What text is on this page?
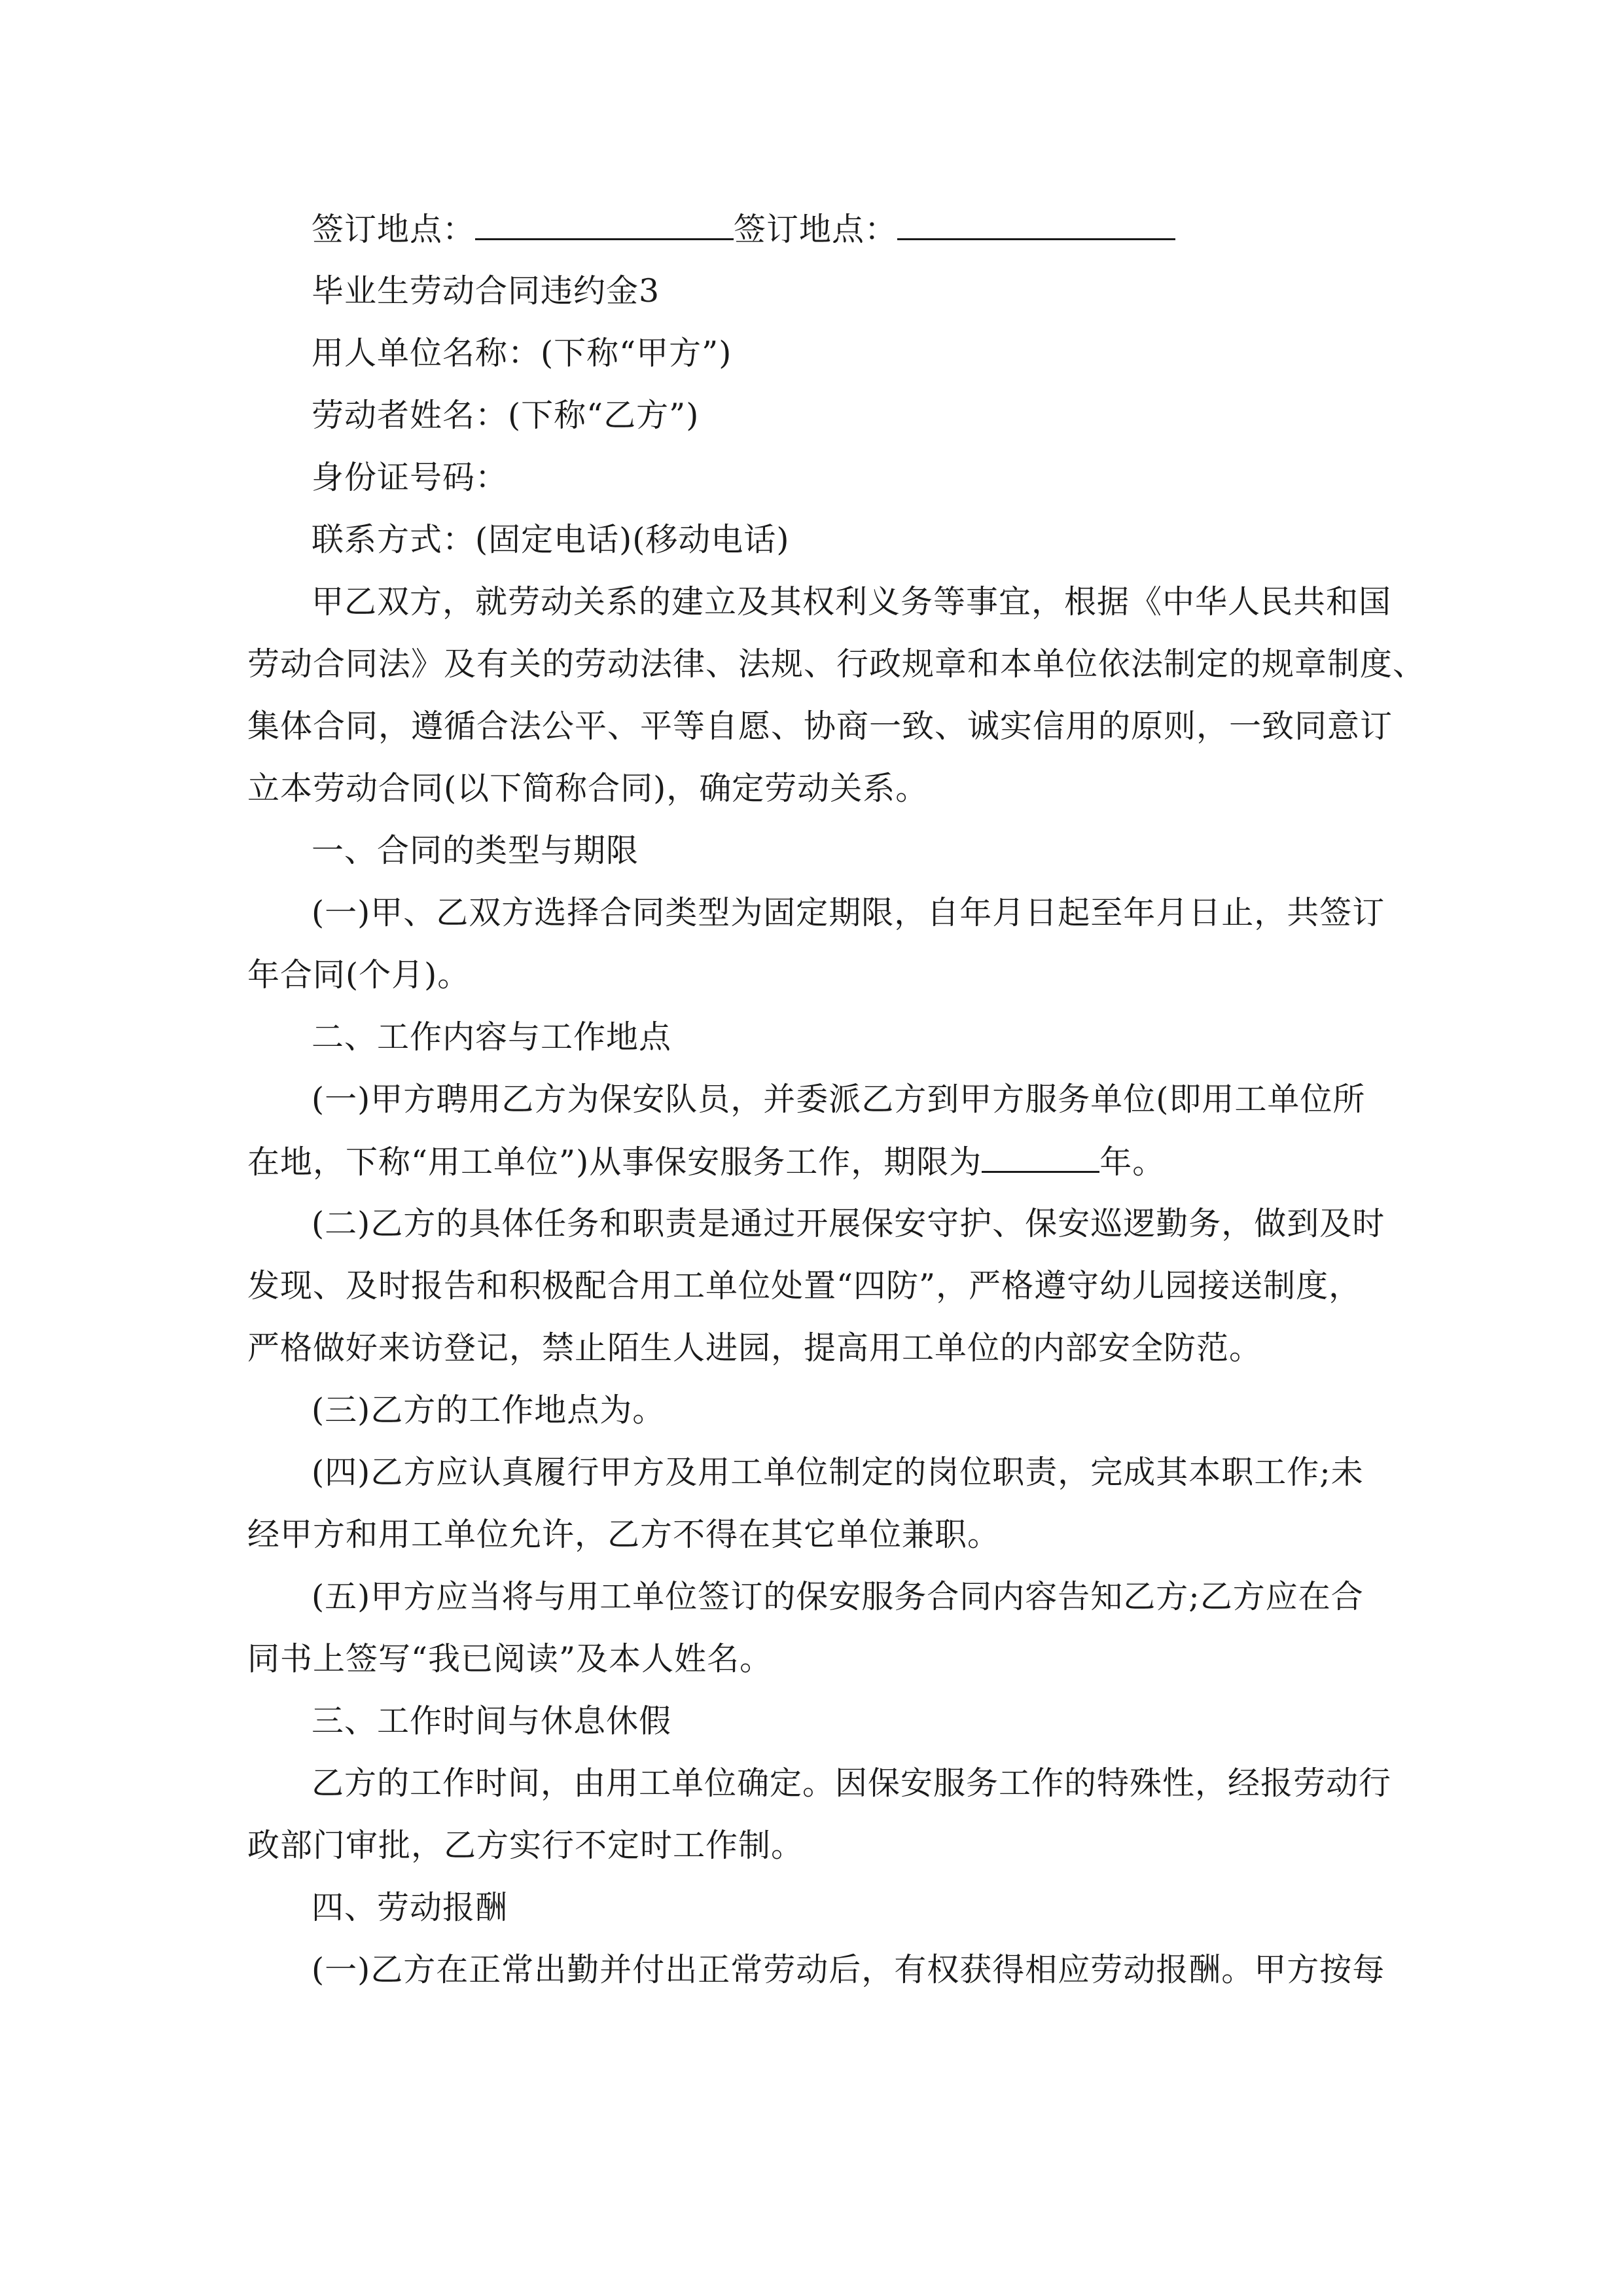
签订地点：	签订地点：
毕业生劳动合同违约金3
用人单位名称：(下称“甲方”)
劳动者姓名：(下称“乙方”)
身份证号码：
联系方式：(固定电话)(移动电话)
甲乙双方，就劳动关系的建立及其权利义务等事宜，根据《中华人民共和国
劳动合同法》及有关的劳动法律、法规、行政规章和本单位依法制定的规章制度、
集体合同，遵循合法公平、平等自愿、协商一致、诚实信用的原则，一致同意订
立本劳动合同(以下简称合同)，确定劳动关系。
一、合同的类型与期限
(一)甲、乙双方选择合同类型为固定期限，自年月日起至年月日止，共签订
年合同(个月)。
二、工作内容与工作地点
(一)甲方聘用乙方为保安队员，并委派乙方到甲方服务单位(即用工单位所
在地，下称“用工单位”)从事保安服务工作，期限为	年。
(二)乙方的具体任务和职责是通过开展保安守护、保安巡逻勤务，做到及时
发现、及时报告和积极配合用工单位处置“四防”，严格遵守幼儿园接送制度，
严格做好来访登记，禁止陌生人进园，提高用工单位的内部安全防范。
(三)乙方的工作地点为。
(四)乙方应认真履行甲方及用工单位制定的岗位职责，完成其本职工作;未
经甲方和用工单位允许，乙方不得在其它单位兼职。
(五)甲方应当将与用工单位签订的保安服务合同内容告知乙方;乙方应在合
同书上签写“我已阅读”及本人姓名。
三、工作时间与休息休假
乙方的工作时间，由用工单位确定。因保安服务工作的特殊性，经报劳动行
政部门审批，乙方实行不定时工作制。
四、劳动报酬
(一)乙方在正常出勤并付出正常劳动后，有权获得相应劳动报酬。甲方按每
